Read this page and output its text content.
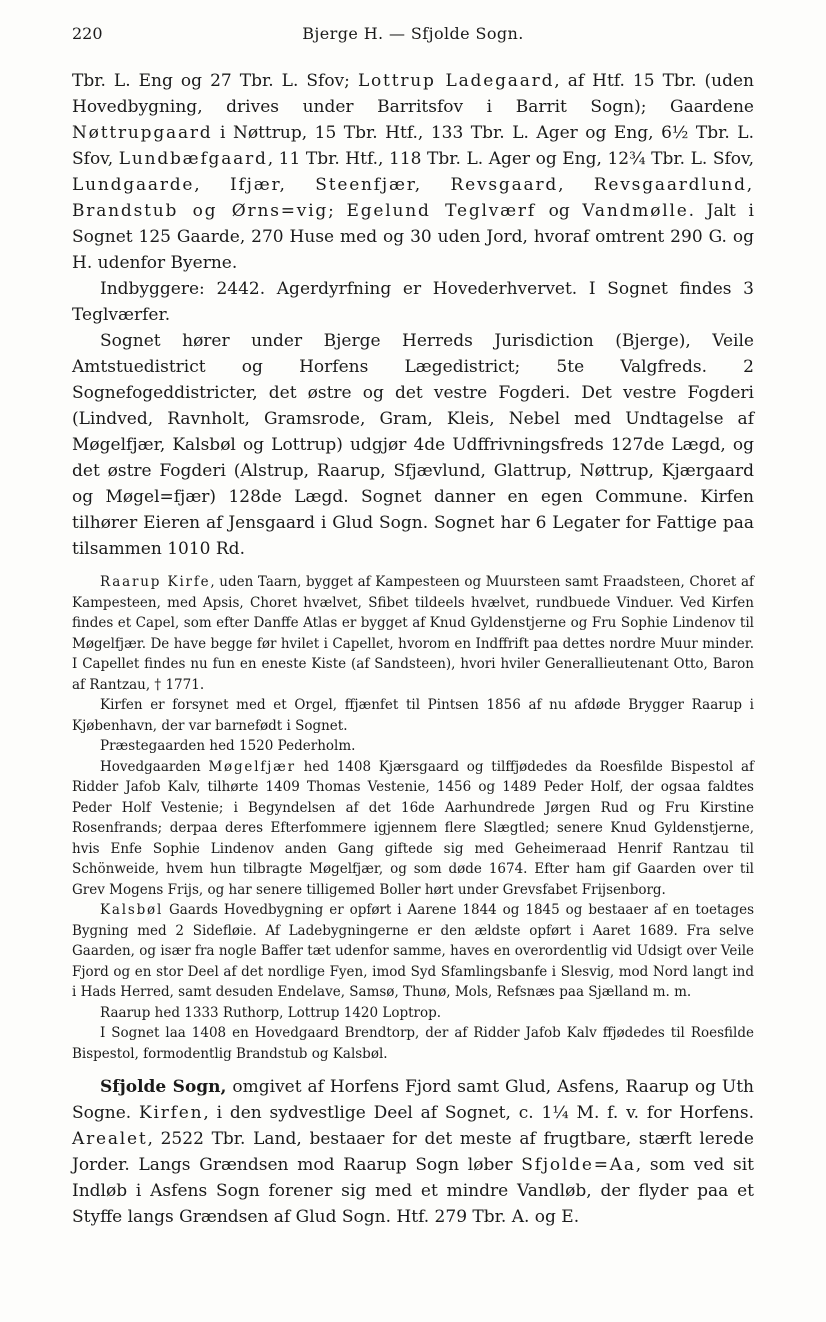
220	Bjerge H. — Sfjolde Sogn.

Tbr. L. Eng og 27 Tbr. L. Sfov; Lottrup Ladegaard, af Htf. 15 Tbr. (uden Hovedbygning, drives under Barritsfov i Barrit Sogn); Gaardene Nøttrupgaard i Nøttrup, 15 Tbr. Htf., 133 Tbr. L. Ager og Eng, 6½ Tbr. L. Sfov, Lundbæfgaard, 11 Tbr. Htf., 118 Tbr. L. Ager og Eng, 12¾ Tbr. L. Sfov, Lundgaarde, Ifjær, Steenfjær, Revsgaard, Revsgaardlund, Brandstub og Ørns=vig; Egelund Teglværf og Vandmølle. Jalt i Sognet 125 Gaarde, 270 Huse med og 30 uden Jord, hvoraf omtrent 290 G. og H. udenfor Byerne.

Indbyggere: 2442. Agerdyrfning er Hovederhvervet. I Sognet findes 3 Teglværfer.

Sognet hører under Bjerge Herreds Jurisdiction (Bjerge), Veile Amtstuedistrict og Horfens Lægedistrict; 5te Valgfreds. 2 Sognefogeddistricter, det østre og det vestre Fogderi. Det vestre Fogderi (Lindved, Ravnholt, Gramsrode, Gram, Kleis, Nebel med Undtagelse af Møgelfjær, Kalsbøl og Lottrup) udgjør 4de Udffrivningsfreds 127de Lægd, og det østre Fogderi (Alstrup, Raarup, Sfjævlund, Glattrup, Nøttrup, Kjærgaard og Møgel=fjær) 128de Lægd. Sognet danner en egen Commune. Kirfen tilhører Eieren af Jensgaard i Glud Sogn. Sognet har 6 Legater for Fattige paa tilsammen 1010 Rd.

Raarup Kirfe, uden Taarn, bygget af Kampesteen og Muursteen samt Fraadsteen, Choret af Kampesteen, med Apsis, Choret hvælvet, Sfibet tildeels hvælvet, rundbuede Vinduer. Ved Kirfen findes et Capel, som efter Danffe Atlas er bygget af Knud Gyldenstjerne og Fru Sophie Lindenov til Møgelfjær. De have begge før hvilet i Capellet, hvorom en Indffrift paa dettes nordre Muur minder. I Capellet findes nu fun en eneste Kiste (af Sandsteen), hvori hviler Generallieutenant Otto, Baron af Rantzau, † 1771.

Kirfen er forsynet med et Orgel, ffjænfet til Pintsen 1856 af nu afdøde Brygger Raarup i Kjøbenhavn, der var barnefødt i Sognet.

Præstegaarden hed 1520 Pederholm.

Hovedgaarden Møgelfjær hed 1408 Kjærsgaard og tilffjødedes da Roesfilde Bispestol af Ridder Jafob Kalv, tilhørte 1409 Thomas Vestenie, 1456 og 1489 Peder Holf, der ogsaa faldtes Peder Holf Vestenie; i Begyndelsen af det 16de Aarhundrede Jørgen Rud og Fru Kirstine Rosenfrands; derpaa deres Efterfommere igjennem flere Slægtled; senere Knud Gyldenstjerne, hvis Enfe Sophie Lindenov anden Gang giftede sig med Geheimeraad Henrif Rantzau til Schönweide, hvem hun tilbragte Møgelfjær, og som døde 1674. Efter ham gif Gaarden over til Grev Mogens Frijs, og har senere tilligemed Boller hørt under Grevsfabet Frijsenborg.

Kalsbøl Gaards Hovedbygning er opført i Aarene 1844 og 1845 og bestaaer af en toetages Bygning med 2 Sidefløie. Af Ladebygningerne er den ældste opført i Aaret 1689. Fra selve Gaarden, og især fra nogle Baffer tæt udenfor samme, haves en overordentlig vid Udsigt over Veile Fjord og en stor Deel af det nordlige Fyen, imod Syd Sfamlingsbanfe i Slesvig, mod Nord langt ind i Hads Herred, samt desuden Endelave, Samsø, Thunø, Mols, Refsnæs paa Sjælland m. m.

Raarup hed 1333 Ruthorp, Lottrup 1420 Loptrop.

I Sognet laa 1408 en Hovedgaard Brendtorp, der af Ridder Jafob Kalv ffjødedes til Roesfilde Bispestol, formodentlig Brandstub og Kalsbøl.

Sfjolde Sogn, omgivet af Horfens Fjord samt Glud, Asfens, Raarup og Uth Sogne. Kirfen, i den sydvestlige Deel af Sognet, c. 1¼ M. f. v. for Horfens. Arealet, 2522 Tbr. Land, bestaaer for det meste af frugtbare, stærft lerede Jorder. Langs Grændsen mod Raarup Sogn løber Sfjolde=Aa, som ved sit Indløb i Asfens Sogn forener sig med et mindre Vandløb, der flyder paa et Styffe langs Grændsen af Glud Sogn. Htf. 279 Tbr. A. og E.
